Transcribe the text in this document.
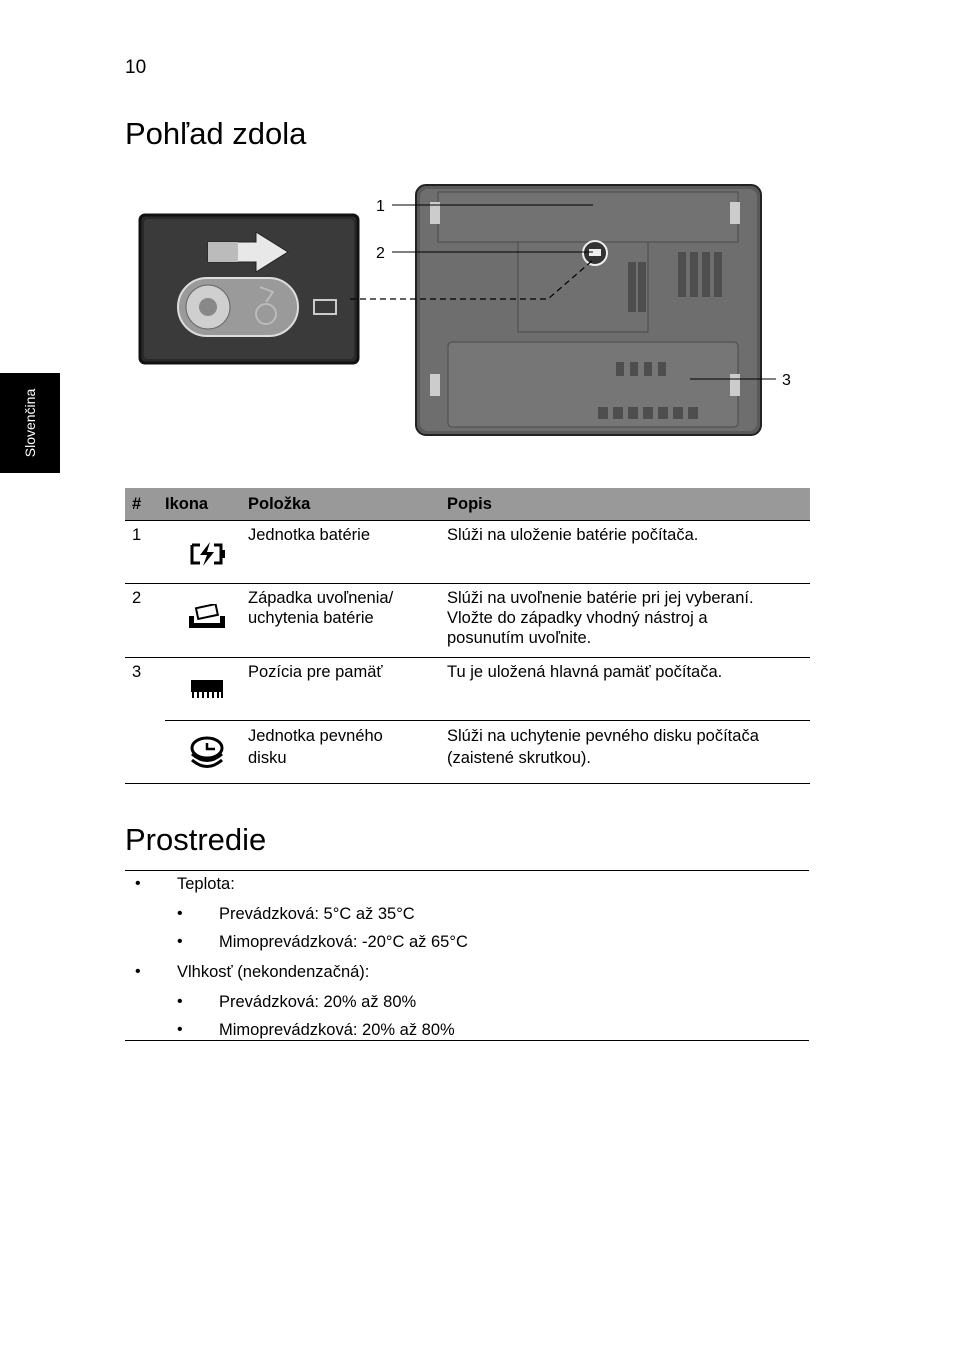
10
Slovenčina
Pohľad zdola
1
2
3
#	Ikona	Položka	Popis
1		Jednotka batérie	Slúži na uloženie batérie počítača.
2		Západka uvoľnenia/
uchytenia batérie	Slúži na uvoľnenie batérie pri jej vyberaní.
Vložte do západky vhodný nástroj a
posunutím uvoľnite.
3		Pozícia pre pamäť	Tu je uložená hlavná pamäť počítača.

	Jednotka pevného
disku	Slúži na uchytenie pevného disku počítača
(zaistené skrutkou).
Prostredie
• Teplota:
• Prevádzková: 5°C až 35°C
• Mimoprevádzková: -20°C až 65°C
• Vlhkosť (nekondenzačná):
• Prevádzková: 20% až 80%
• Mimoprevádzková: 20% až 80%
